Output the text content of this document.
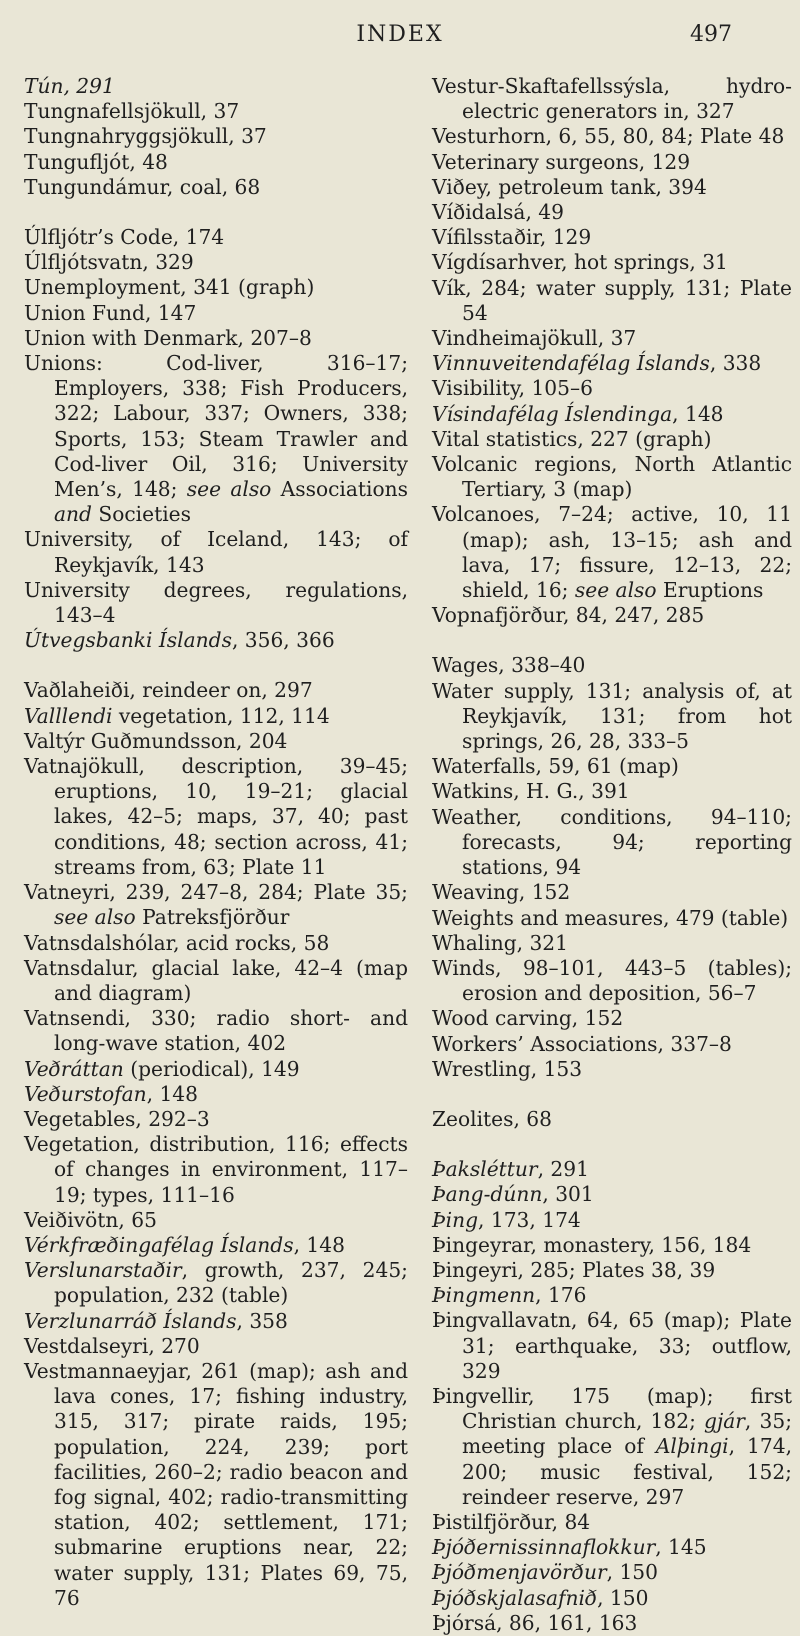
INDEX	497
Tún, 291
Tungnafellsjökull, 37
Tungnahryggsjökull, 37
Tungufljót, 48
Tungundámur, coal, 68
Úlfljótr’s Code, 174
Úlfljótsvatn, 329
Unemployment, 341 (graph)
Union Fund, 147
Union with Denmark, 207–8
Unions: Cod-liver, 316–17; Employers, 338; Fish Producers, 322; Labour, 337; Owners, 338; Sports, 153; Steam Trawler and Cod-liver Oil, 316; University Men’s, 148; see also Associations and Societies
University, of Iceland, 143; of Reykjavík, 143
University degrees, regulations, 143–4
Útvegsbanki Íslands, 356, 366
Vaðlaheiði, reindeer on, 297
Valllendi vegetation, 112, 114
Valtýr Guðmundsson, 204
Vatnajökull, description, 39–45; eruptions, 10, 19–21; glacial lakes, 42–5; maps, 37, 40; past conditions, 48; section across, 41; streams from, 63; Plate 11
Vatneyri, 239, 247–8, 284; Plate 35; see also Patreksfjörður
Vatnsdalshólar, acid rocks, 58
Vatnsdalur, glacial lake, 42–4 (map and diagram)
Vatnsendi, 330; radio short- and long-wave station, 402
Veðráttan (periodical), 149
Veðurstofan, 148
Vegetables, 292–3
Vegetation, distribution, 116; effects of changes in environment, 117–19; types, 111–16
Veiðivötn, 65
Vérkfræðingafélag Íslands, 148
Verslunarstaðir, growth, 237, 245; population, 232 (table)
Verzlunarráð Íslands, 358
Vestdalseyri, 270
Vestmannaeyjar, 261 (map); ash and lava cones, 17; fishing industry, 315, 317; pirate raids, 195; population, 224, 239; port facilities, 260–2; radio beacon and fog signal, 402; radio-transmitting station, 402; settlement, 171; submarine eruptions near, 22; water supply, 131; Plates 69, 75, 76
Vestur-Skaftafellssýsla, hydro-electric generators in, 327
Vesturhorn, 6, 55, 80, 84; Plate 48
Veterinary surgeons, 129
Viðey, petroleum tank, 394
Víðidalsá, 49
Vífilsstaðir, 129
Vígdísarhver, hot springs, 31
Vík, 284; water supply, 131; Plate 54
Vindheimajökull, 37
Vinnuveitendafélag Íslands, 338
Visibility, 105–6
Vísindafélag Íslendinga, 148
Vital statistics, 227 (graph)
Volcanic regions, North Atlantic Tertiary, 3 (map)
Volcanoes, 7–24; active, 10, 11 (map); ash, 13–15; ash and lava, 17; fissure, 12–13, 22; shield, 16; see also Eruptions
Vopnafjörður, 84, 247, 285
Wages, 338–40
Water supply, 131; analysis of, at Reykjavík, 131; from hot springs, 26, 28, 333–5
Waterfalls, 59, 61 (map)
Watkins, H. G., 391
Weather, conditions, 94–110; forecasts, 94; reporting stations, 94
Weaving, 152
Weights and measures, 479 (table)
Whaling, 321
Winds, 98–101, 443–5 (tables); erosion and deposition, 56–7
Wood carving, 152
Workers’ Associations, 337–8
Wrestling, 153
Zeolites, 68
Þaksléttur, 291
Þang-dúnn, 301
Þing, 173, 174
Þingeyrar, monastery, 156, 184
Þingeyri, 285; Plates 38, 39
Þingmenn, 176
Þingvallavatn, 64, 65 (map); Plate 31; earthquake, 33; outflow, 329
Þingvellir, 175 (map); first Christian church, 182; gjár, 35; meeting place of Alþingi, 174, 200; music festival, 152; reindeer reserve, 297
Þistilfjörður, 84
Þjóðernissinnaflokkur, 145
Þjóðmenjavörður, 150
Þjóðskjalasafnið, 150
Þjórsá, 86, 161, 163
